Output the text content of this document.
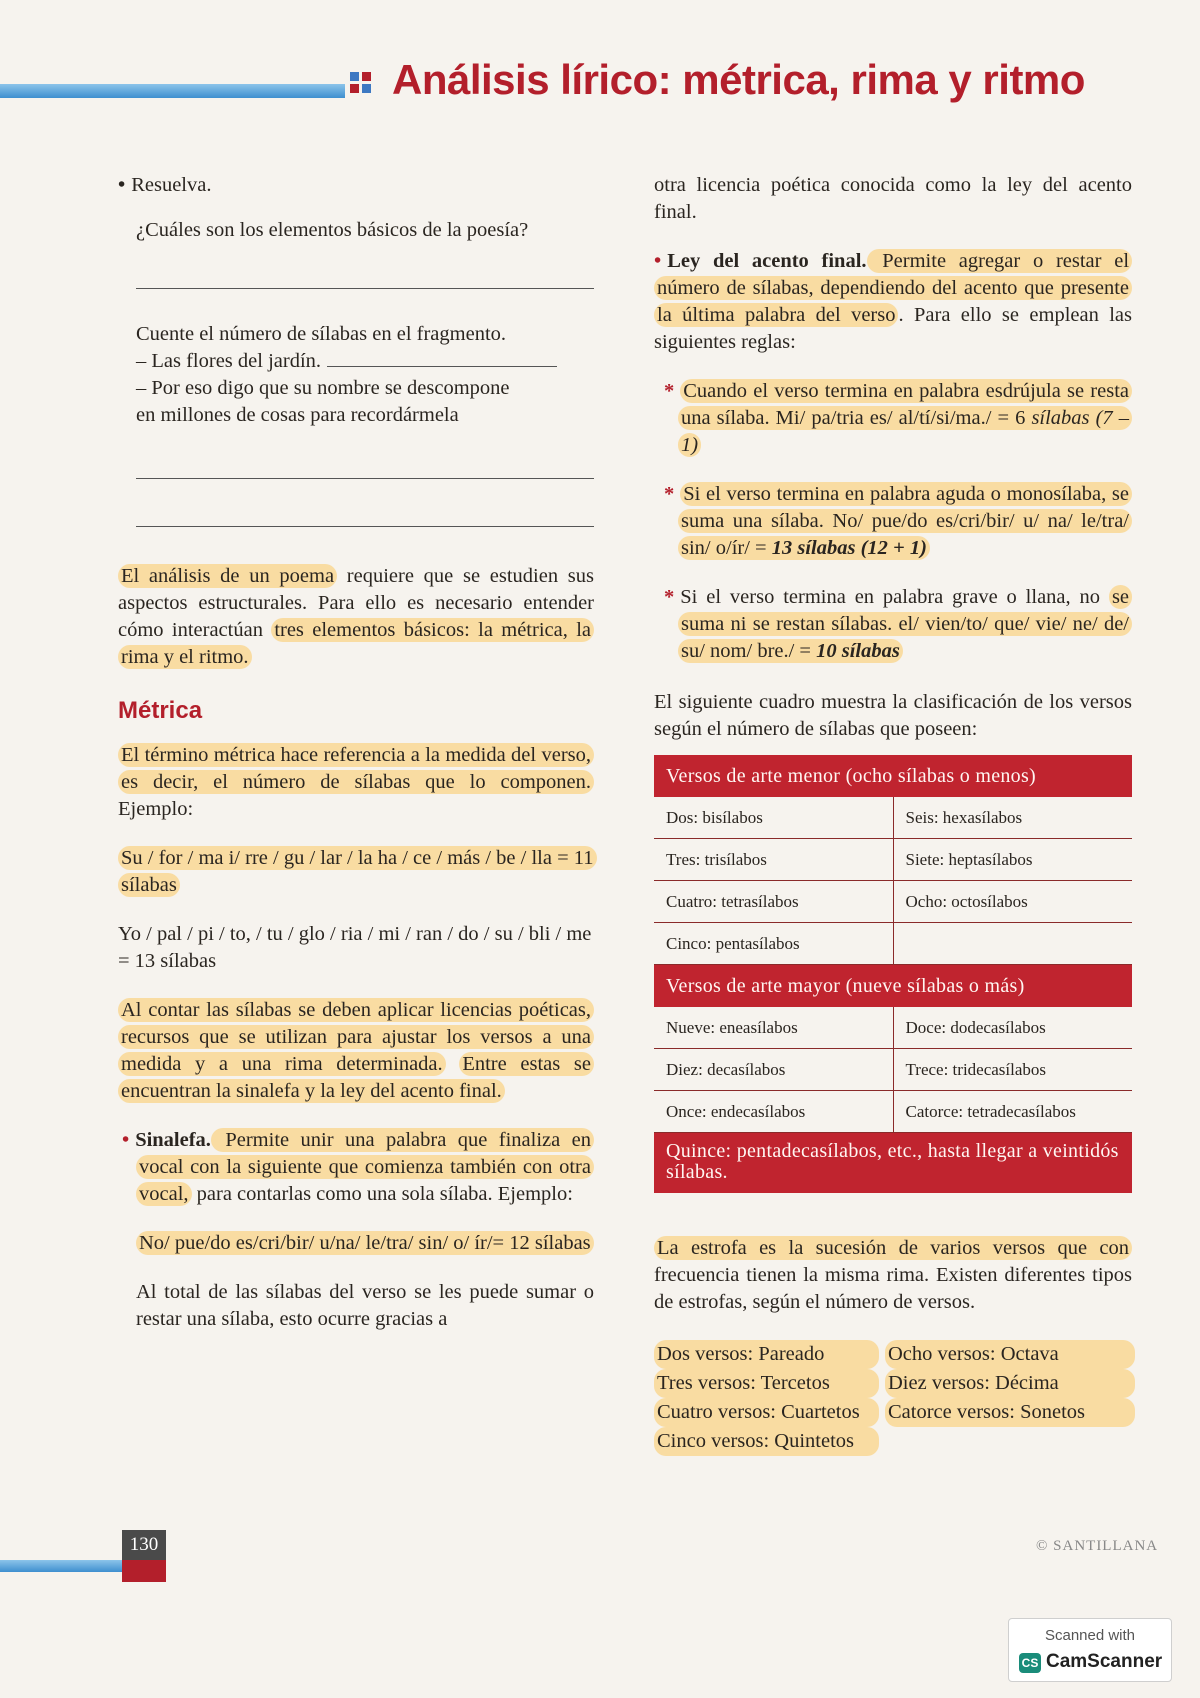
Análisis lírico: métrica, rima y ritmo

• Resuelva.

¿Cuáles son los elementos básicos de la poesía?

Cuente el número de sílabas en el fragmento.

– Las flores del jardín.

– Por eso digo que su nombre se descompone

en millones de cosas para recordármela

El análisis de un poema requiere que se estudien sus aspectos estructurales. Para ello es necesario entender cómo interactúan tres elementos básicos: la métrica, la rima y el ritmo.

Métrica

El término métrica hace referencia a la medida del verso, es decir, el número de sílabas que lo componen. Ejemplo:

Su / for / ma i/ rre / gu / lar / la ha / ce / más / be / lla = 11 sílabas

Yo / pal / pi / to, / tu / glo / ria / mi / ran / do / su / bli / me = 13 sílabas

Al contar las sílabas se deben aplicar licencias poéticas, recursos que se utilizan para ajustar los versos a una medida y a una rima determinada. Entre estas se encuentran la sinalefa y la ley del acento final.

• Sinalefa. Permite unir una palabra que finaliza en vocal con la siguiente que comienza también con otra vocal, para contarlas como una sola sílaba. Ejemplo:

No/ pue/do es/cri/bir/ u/na/ le/tra/ sin/ o/ ír/= 12 sílabas

Al total de las sílabas del verso se les puede sumar o restar una sílaba, esto ocurre gracias a

otra licencia poética conocida como la ley del acento final.

• Ley del acento final. Permite agregar o restar el número de sílabas, dependiendo del acento que presente la última palabra del verso . Para ello se emplean las siguientes reglas:

* Cuando el verso termina en palabra esdrújula se resta una sílaba. Mi/ pa/tria es/ al/tí/si/ma./ = 6 sílabas (7 – 1)

* Si el verso termina en palabra aguda o monosílaba, se suma una sílaba. No/ pue/do es/cri/bir/ u/ na/ le/tra/ sin/ o/ír/ = 13 sílabas (12 + 1)

* Si el verso termina en palabra grave o llana, no se suma ni se restan sílabas. el/ vien/to/ que/ vie/ ne/ de/ su/ nom/ bre./ = 10 sílabas

El siguiente cuadro muestra la clasificación de los versos según el número de sílabas que poseen:

Versos de arte menor (ocho sílabas o menos)	
Dos: bisílabos	Seis: hexasílabos
Tres: trisílabos	Siete: heptasílabos
Cuatro: tetrasílabos	Ocho: octosílabos
Cinco: pentasílabos	
Versos de arte mayor (nueve sílabas o más)	
Nueve: eneasílabos	Doce: dodecasílabos
Diez: decasílabos	Trece: tridecasílabos
Once: endecasílabos	Catorce: tetradecasílabos
Quince: pentadecasílabos, etc., hasta llegar a veintidós sílabas.	

La estrofa es la sucesión de varios versos que con frecuencia tienen la misma rima. Existen diferentes tipos de estrofas, según el número de versos.

Dos versos: Pareado	Ocho versos: Octava
Tres versos: Tercetos	Diez versos: Décima
Cuatro versos: Cuartetos	Catorce versos: Sonetos
Cinco versos: Quintetos
130	© SANTILLANA
Scanned with
CS CamScanner
